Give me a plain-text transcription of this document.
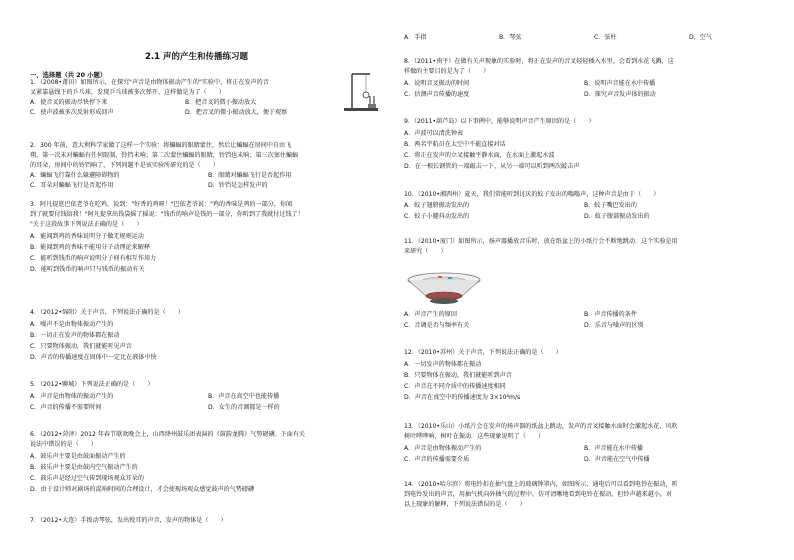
2.1 声的产生和传播练习题
一、选择题（共 20 小题）
1．（2008•莆田）如图所示，在探究"声音是由物体振动产生的"实验中，将正在发声的音
叉紧靠悬线下的乒乓球，发现乒乓球被多次弹开，这样做是为了（　　）
A．使音叉的振动尽快停下来	B．把音叉的微小振动放大
C．使声波被多次反射形成回声	D．把音叉的微小振动放大，便于观察
2．300 年前，意大利科学家做了这样一个实验：将蝙蝠的眼睛蒙住，然后让蝙蝠在房间中自由飞
翔，第一次未对蝙蝠有任何限制，铃铛未响；第二次蒙住蝙蝠的眼睛，铃铛也未响；第三次塞住蝙蝠
的耳朵，房间中的铃铛响了，下列问题不是该实验所研究的是（　　）
A．蝙蝠飞行靠什么躲避障碍物的	B．眼睛对蝙蝠飞行是否起作用
C．耳朵对蝙蝠飞行是否起作用	D．铃铛是怎样发声的
3．阿凡提逛巴依老爷在吃鸡，说到："好香的鸡呀！"巴依老爷说："鸡的香味是鸡的一部分，你闻
到了就要付钱给我！"阿凡提拿出钱袋摇了摇说："钱币的响声是钱的一部分，你听到了我就付过钱了！
"关于这段故事下列说法正确的是（　　）
A．能闻到鸡的香味说明分子做无规则运动
B．能闻到鸡的香味不能用分子动理论来解释
C．能听到钱币的响声说明分子间有相互作用力
D．能听到钱币的响声只与钱币的振动有关
4．（2012•绵阳）关于声音，下列说法正确的是（　　）
A．噪声不是由物体振动产生的
B．一切正在发声的物体都在振动
C．只要物体振动，我们就能听见声音
D．声音的传播速度在固体中一定比在液体中快
5．（2012•聊城）下列说法正确的是（　　）
A．声音是由物体的振动产生的	B．声音在真空中也能传播
C．声音的传播不需要时间	D．女生的音调都是一样的
6．（2012•菏泽）2012 年春节联欢晚会上，山西绛州鼓乐团表演的《鼓韵龙腾》气势磅礴。下面有关
说法中错误的是（　　）
A．鼓乐声主要是由鼓面振动产生的
B．鼓乐声主要是由鼓内空气振动产生的
C．鼓乐声是经过空气传到现场观众耳朵的
D．由于设计师对剧场的混响时间的合理设计，才会使现场观众感觉鼓声的气势磅礴
7．（2012•大连）手拨动琴弦，发出悦耳的声音，发声的物体是（　　）
A．手指	B．琴弦	C．弦柱	D．空气
8．（2011•南平）在做有关声现象的实验时，将正在发声的音叉轻轻插入水里，会看到水花飞溅，这
样做的主要目的是为了（　　）
A．说明音叉振动的时间	B．说明声音能在水中传播
C．估测声音传播的速度	D．探究声音发声体的振动
9．（2011•葫芦岛）以下事例中，能够说明声音产生原因的是（　　）
A．声波可以清洗钟表
B．两名宇航员在太空中不能直接对话
C．将正在发声的立叉接触平静水面，在水面上激起水波
D．在一根长钢管的一端敲击一下，从另一端可以听到两次敲击声
10．（2010•湘西州）夏天，我们常能听到讨厌的蚊子发出的嗡嗡声，这种声音是由于（　　）
A．蚊子翅膀振动发出的	B．蚊子嘴巴发出的
C．蚊子小腿抖动发出的	D．蚊子腹部振动发出的
11．（2010•厦门）如图所示，扬声器播放音乐时，放在纸盆上的小纸片会不断地跳动．这个实验是用
来研究（　　）
A．声音产生的原因	B．声音传播的条件
C．音调是否与频率有关	D．乐音与噪声的区别
12．（2010•苏州）关于声音，下列说法正确的是（　　）
A．一切发声的物体都在振动
B．只要物体在振动，我们就能听到声音
C．声音在不同介质中的传播速度相同
D．声音在真空中的传播速度为 3×10⁸m/s
13．（2010•乐山）小纸片会在发声的扬声器的纸盆上跳动，发声的音叉接触水面时会激起水花，风吹
树叶哗哗响，树叶在振动．这些现象说明了（　　）
A．声音是由物体振动产生的	B．声音能在水中传播
C．声音的传播需要介质	D．声音能在空气中传播
14．（2010•哈尔滨）将电铃扣在抽气盘上的玻璃钟罩内，如图所示，通电后可以看到电铃在振动，听
到电铃发出的声音，用抽气机向外抽气的过程中，仿可清晰地看到电铃在振动，但铃声越来越小，对
以上现象的解释，下列说法错误的是（　　）
